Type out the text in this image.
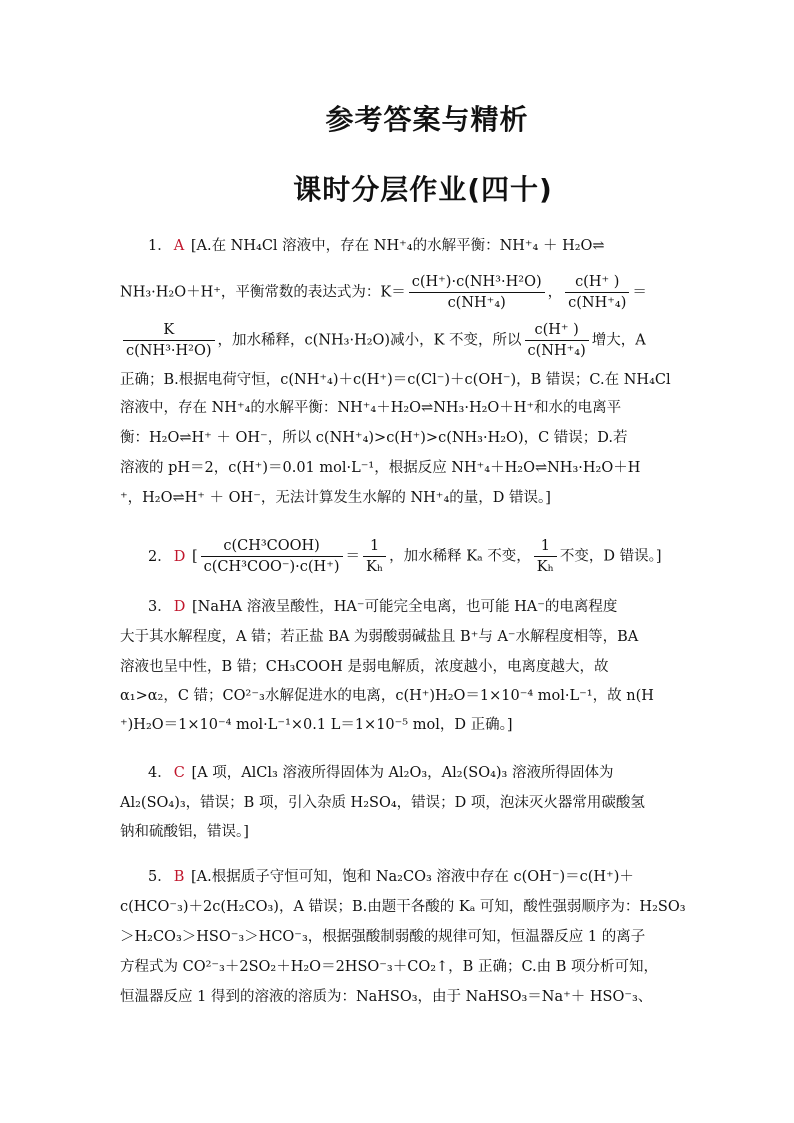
参考答案与精析
课时分层作业(四十)
1． A [A.在 NH₄Cl 溶液中，存在 NH⁺₄的水解平衡：NH⁺₄ ＋ H₂O⇌
NH₃·H₂O＋H⁺，平衡常数的表达式为：$K= \frac{\text{c(H⁺)·c(NH³·H²O)}}{\text{c(NH⁺₄)}}$ ， $\frac{c(H^+ )}{\text{c(NH⁺₄)}}$ ＝
$\frac{K}{\text{c(NH³·H²O)}}$ ，加水稀释，c(NH₃·H₂O)减小，K 不变，所以 $\frac{c(H^+ )}{\text{c(NH⁺₄)}}$ 增大，A
正确；B.根据电荷守恒，c(NH⁺₄)＋c(H⁺)＝c(Cl⁻)＋c(OH⁻)，B 错误；C.在 NH₄Cl
溶液中，存在 NH⁺₄的水解平衡：NH⁺₄＋H₂O⇌NH₃·H₂O＋H⁺和水的电离平
衡：H₂O⇌H⁺ ＋ OH⁻，所以 c(NH⁺₄)>c(H⁺)>c(NH₃·H₂O)，C 错误；D.若
溶液的 pH＝2，c(H⁺)＝0.01 mol·L⁻¹，根据反应 NH⁺₄＋H₂O⇌NH₃·H₂O＋H
⁺，H₂O⇌H⁺ ＋ OH⁻，无法计算发生水解的 NH⁺₄的量，D 错误。]
2． D [ $\frac{\text{c(CH³COOH)}}{\text{c(CH³COO⁻)·c(H⁺)}} = \frac{1}{\text{Kₕ}}$ ，加水稀释 Kₐ 不变， $\frac{1}{\text{Kₕ}}$ 不变，D 错误。]
3． D [NaHA 溶液呈酸性，HA⁻可能完全电离，也可能 HA⁻的电离程度
大于其水解程度，A 错；若正盐 BA 为弱酸弱碱盐且 B⁺与 A⁻水解程度相等，BA
溶液也呈中性，B 错；CH₃COOH 是弱电解质，浓度越小，电离度越大，故
α₁>α₂，C 错；CO²⁻₃水解促进水的电离，c(H⁺)H₂O＝1×10⁻⁴ mol·L⁻¹，故 n(H
⁺)H₂O＝1×10⁻⁴ mol·L⁻¹×0.1 L＝1×10⁻⁵ mol，D 正确。]
4． C [A 项，AlCl₃ 溶液所得固体为 Al₂O₃，Al₂(SO₄)₃ 溶液所得固体为
Al₂(SO₄)₃，错误；B 项，引入杂质 H₂SO₄，错误；D 项，泡沫灭火器常用碳酸氢
钠和硫酸铝，错误。]
5． B [A.根据质子守恒可知，饱和 Na₂CO₃ 溶液中存在 c(OH⁻)＝c(H⁺)＋
c(HCO⁻₃)＋2c(H₂CO₃)，A 错误；B.由题干各酸的 Kₐ 可知，酸性强弱顺序为：H₂SO₃
＞H₂CO₃＞HSO⁻₃＞HCO⁻₃，根据强酸制弱酸的规律可知，恒温器反应 1 的离子
方程式为 CO²⁻₃＋2SO₂＋H₂O＝2HSO⁻₃＋CO₂↑，B 正确；C.由 B 项分析可知，
恒温器反应 1 得到的溶液的溶质为：NaHSO₃，由于 NaHSO₃＝Na⁺＋ HSO⁻₃、
